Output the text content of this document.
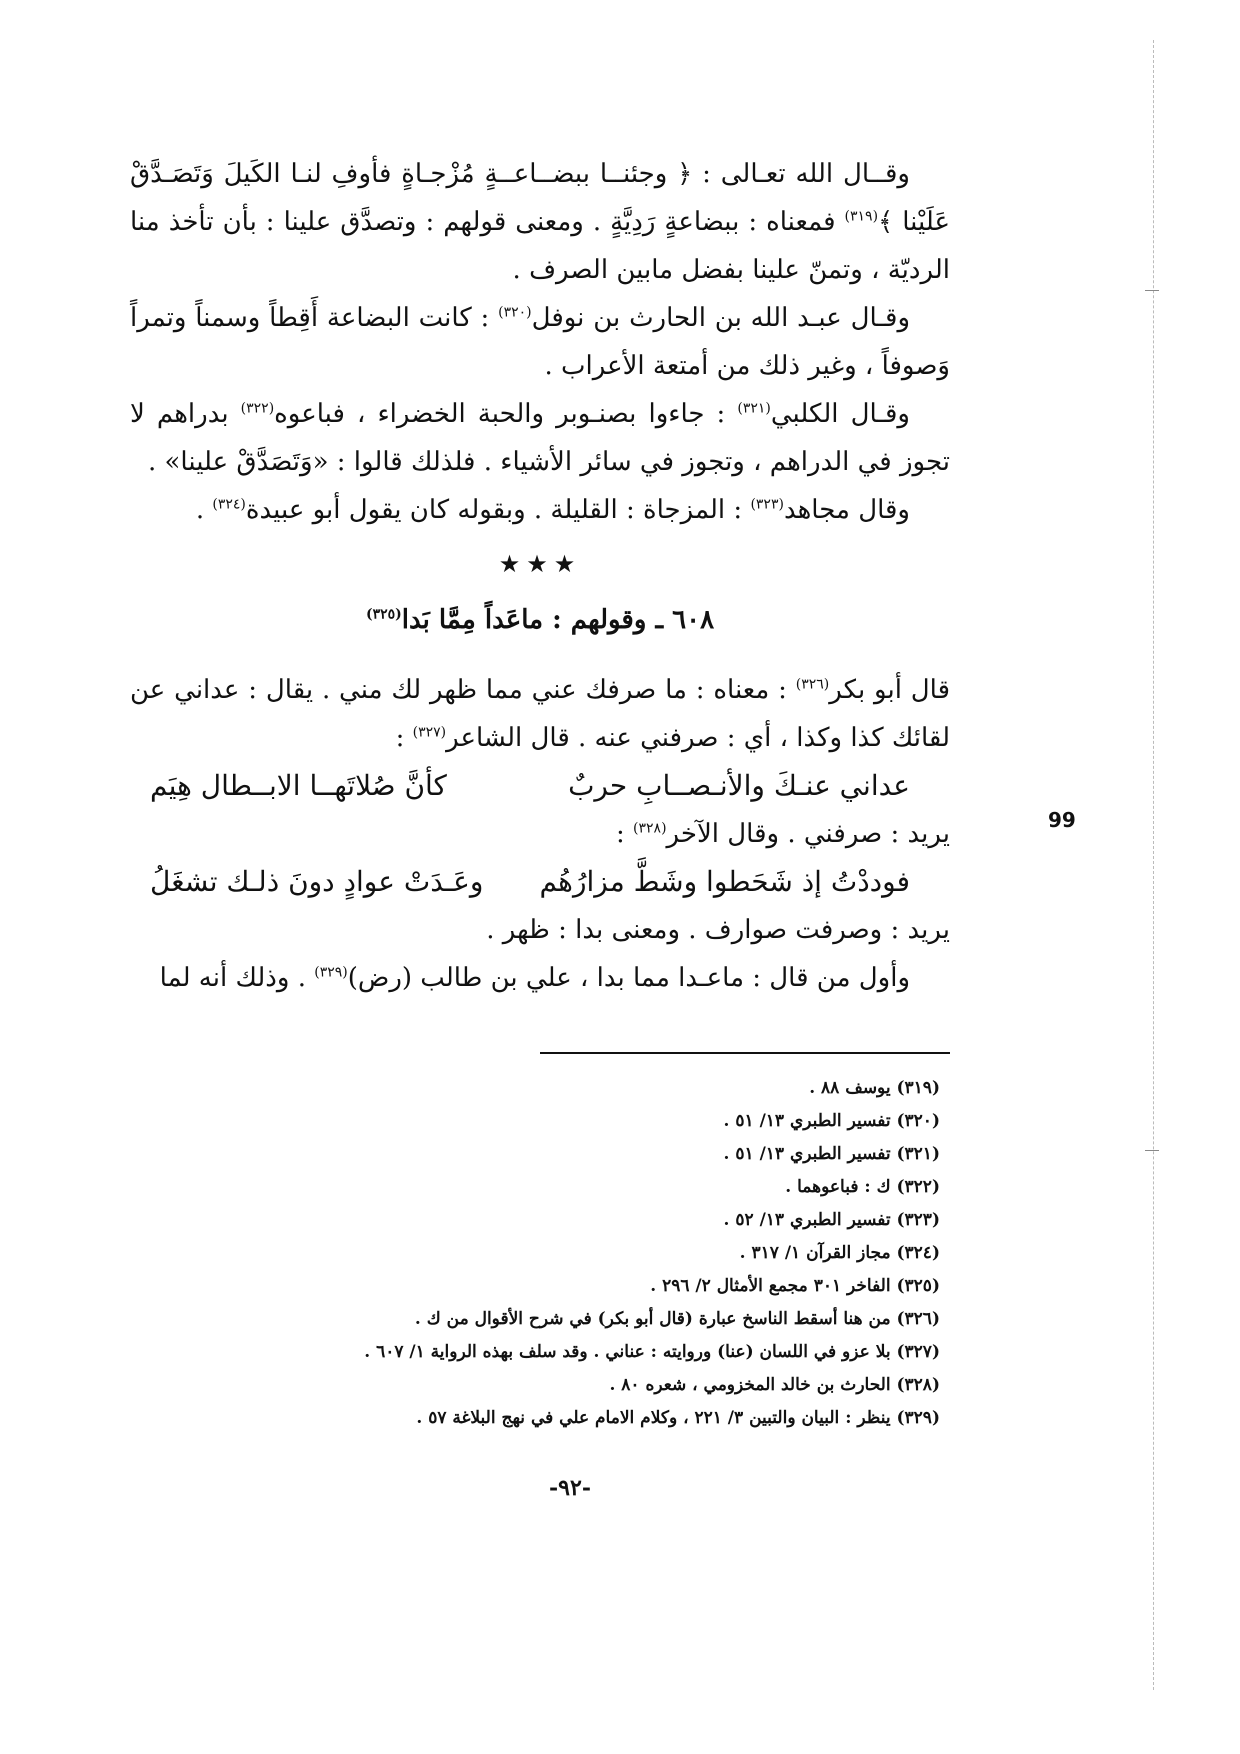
وقــال الله تعـالى : ﴿ وجئنــا ببضــاعــةٍ مُزْجـاةٍ فأوفِ لنـا الكَيلَ وَتَصَـدَّقْ عَلَيْنا ﴾$^{(٣١٩)}$ فمعناه : ببضاعةٍ رَدِيَّةٍ . ومعنى قولهم : وتصدَّق علينا : بأن تأخذ منا الرديّة ، وتمنّ علينا بفضل مابين الصرف .

وقـال عبـد الله بن الحارث بن نوفل$^{(٣٢٠)}$ : كانت البضاعة أَقِطاً وسمناً وتمراً وَصوفاً ، وغير ذلك من أمتعة الأعراب .

وقـال الكلبي$^{(٣٢١)}$ : جاءوا بصنـوبر والحبة الخضراء ، فباعوه$^{(٣٢٢)}$ بدراهم لا تجوز في الدراهم ، وتجوز في سائر الأشياء . فلذلك قالوا : «وَتَصَدَّقْ علينا» .

وقال مجاهد$^{(٣٢٣)}$ : المزجاة : القليلة . وبقوله كان يقول أبو عبيدة$^{(٣٢٤)}$ .

★★★
٦٠٨ ـ وقولهم : ماعَداً مِمَّا بَدا$^{(٣٢٥)}$

قال أبو بكر$^{(٣٢٦)}$ : معناه : ما صرفك عني مما ظهر لك مني . يقال : عداني عن لقائك كذا وكذا ، أي : صرفني عنه . قال الشاعر$^{(٣٢٧)}$ :

عداني عنـكَ والأنـصــابِ حربٌ
كأنَّ صُلاتَهــا الابــطال هِيَم

يريد : صرفني . وقال الآخر$^{(٣٢٨)}$ :

فوددْتُ إذ شَحَطوا وشَطَّ مزارُهُم
وعَـدَتْ عوادٍ دونَ ذلـك تشغَلُ

يريد : وصرفت صوارف . ومعنى بدا : ظهر .

وأول من قال : ماعـدا مما بدا ، علي بن طالب (رض)$^{(٣٢٩)}$ . وذلك أنه لما

99
(٣١٩) يوسف ٨٨ .
(٣٢٠) تفسير الطبري ١٣/ ٥١ .
(٣٢١) تفسير الطبري ١٣/ ٥١ .
(٣٢٢) ك : فباعوهما .
(٣٢٣) تفسير الطبري ١٣/ ٥٢ .
(٣٢٤) مجاز القرآن ١/ ٣١٧ .
(٣٢٥) الفاخر ٣٠١ مجمع الأمثال ٢/ ٢٩٦ .
(٣٢٦) من هنا أسقط الناسخ عبارة (قال أبو بكر) في شرح الأقوال من ك .
(٣٢٧) بلا عزو في اللسان (عنا) وروايته : عناني . وقد سلف بهذه الرواية ١/ ٦٠٧ .
(٣٢٨) الحارث بن خالد المخزومي ، شعره ٨٠ .
(٣٢٩) ينظر : البيان والتبين ٣/ ٢٢١ ، وكلام الامام علي في نهج البلاغة ٥٧ .
-٩٢-
